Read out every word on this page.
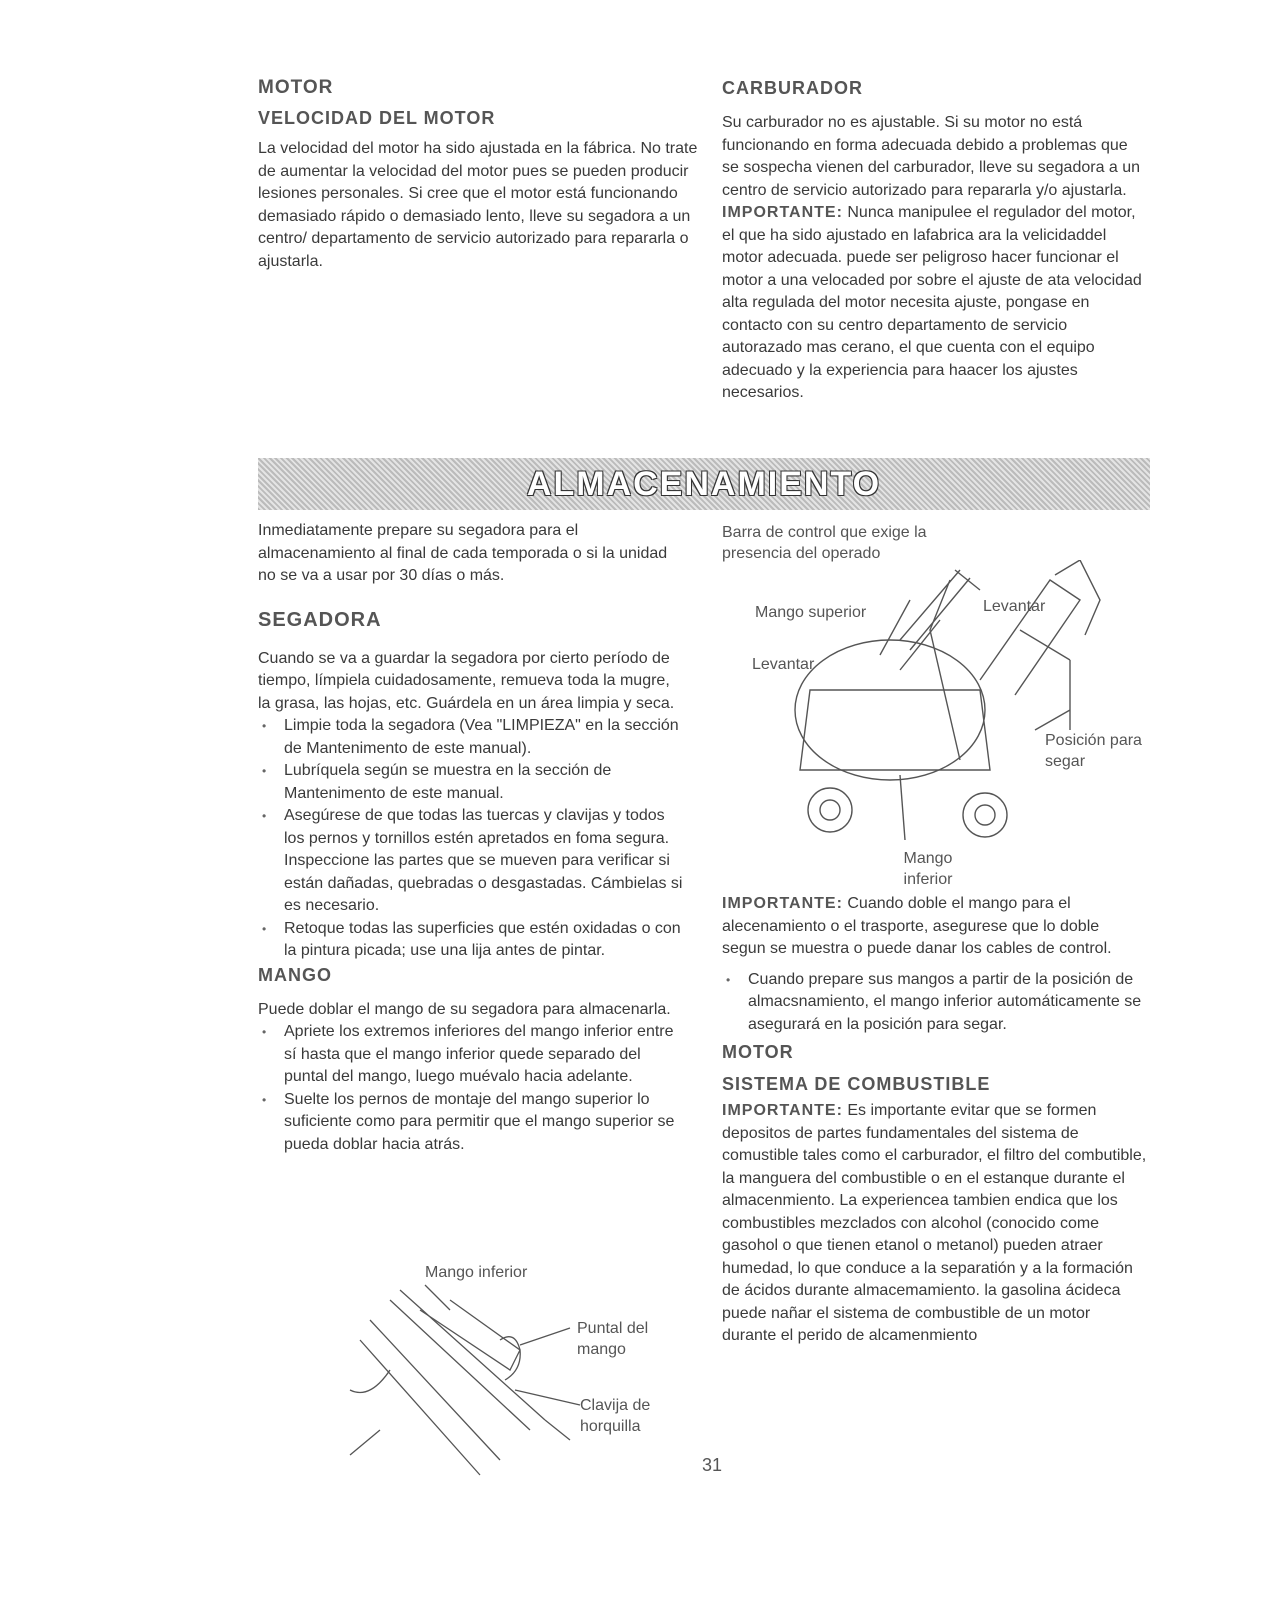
MOTOR
VELOCIDAD DEL MOTOR

La velocidad del motor ha sido ajustada en la fábrica. No trate de aumentar la velocidad del motor pues se pueden producir lesiones personales. Si cree que el motor está funcionando demasiado rápido o demasiado lento, lleve su segadora a un centro/ departamento de servicio autorizado para repararla o ajustarla.

CARBURADOR

Su carburador no es ajustable. Si su motor no está funcionando en forma adecuada debido a problemas que se sospecha vienen del carburador, lleve su segadora a un centro de servicio autorizado para repararla y/o ajustarla.

IMPORTANTE: Nunca manipulee el regulador del motor, el que ha sido ajustado en lafabrica ara la velicidaddel motor adecuada. puede ser peligroso hacer funcionar el motor a una velocaded por sobre el ajuste de ata velocidad alta regulada del motor necesita ajuste, pongase en contacto con su centro departamento de servicio autorazado mas cerano, el que cuenta con el equipo adecuado y la experiencia para haacer los ajustes necesarios.

ALMACENAMIENTO

Inmediatamente prepare su segadora para el almacenamiento al final de cada temporada o si la unidad no se va a usar por 30 días o más.

SEGADORA

Cuando se va a guardar la segadora por cierto período de tiempo, límpiela cuidadosamente, remueva toda la mugre, la grasa, las hojas, etc. Guárdela en un área limpia y seca.

• Limpie toda la segadora (Vea "LIMPIEZA" en la sección de Mantenimento de este manual).
• Lubríquela según se muestra en la sección de Mantenimento de este manual.
• Asegúrese de que todas las tuercas y clavijas y todos los pernos y tornillos estén apretados en foma segura. Inspeccione las partes que se mueven para verificar si están dañadas, quebradas o desgastadas. Cámbielas si es necesario.
• Retoque todas las superficies que estén oxidadas o con la pintura picada; use una lija antes de pintar.
MANGO

Puede doblar el mango de su segadora para almacenarla.

• Apriete los extremos inferiores del mango inferior entre sí hasta que el mango inferior quede separado del puntal del mango, luego muévalo hacia adelante.
• Suelte los pernos de montaje del mango superior lo suficiente como para permitir que el mango superior se pueda doblar hacia atrás.
Mango inferior
Puntal del mango
Clavija de horquilla
Barra de control que exige la presencia del operado
Mango superior	Levantar
Levantar
Posición para segar
Mango inferior

IMPORTANTE: Cuando doble el mango para el alecenamiento o el trasporte, asegurese que lo doble segun se muestra o puede danar los cables de control.

• Cuando prepare sus mangos a partir de la posición de almacsnamiento, el mango inferior automáticamente se asegurará en la posición para segar.
MOTOR
SISTEMA DE COMBUSTIBLE

IMPORTANTE: Es importante evitar que se formen depositos de partes fundamentales del sistema de comustible tales como el carburador, el filtro del combutible, la manguera del combustible o en el estanque durante el almacenmiento. La experiencea tambien endica que los combustibles mezclados con alcohol (conocido come gasohol o que tienen etanol o metanol) pueden atraer humedad, lo que conduce a la separatión y a la formación de ácidos durante almacemamiento. la gasolina ácideca puede nañar el sistema de combustible de un motor durante el perido de alcamenmiento

31
